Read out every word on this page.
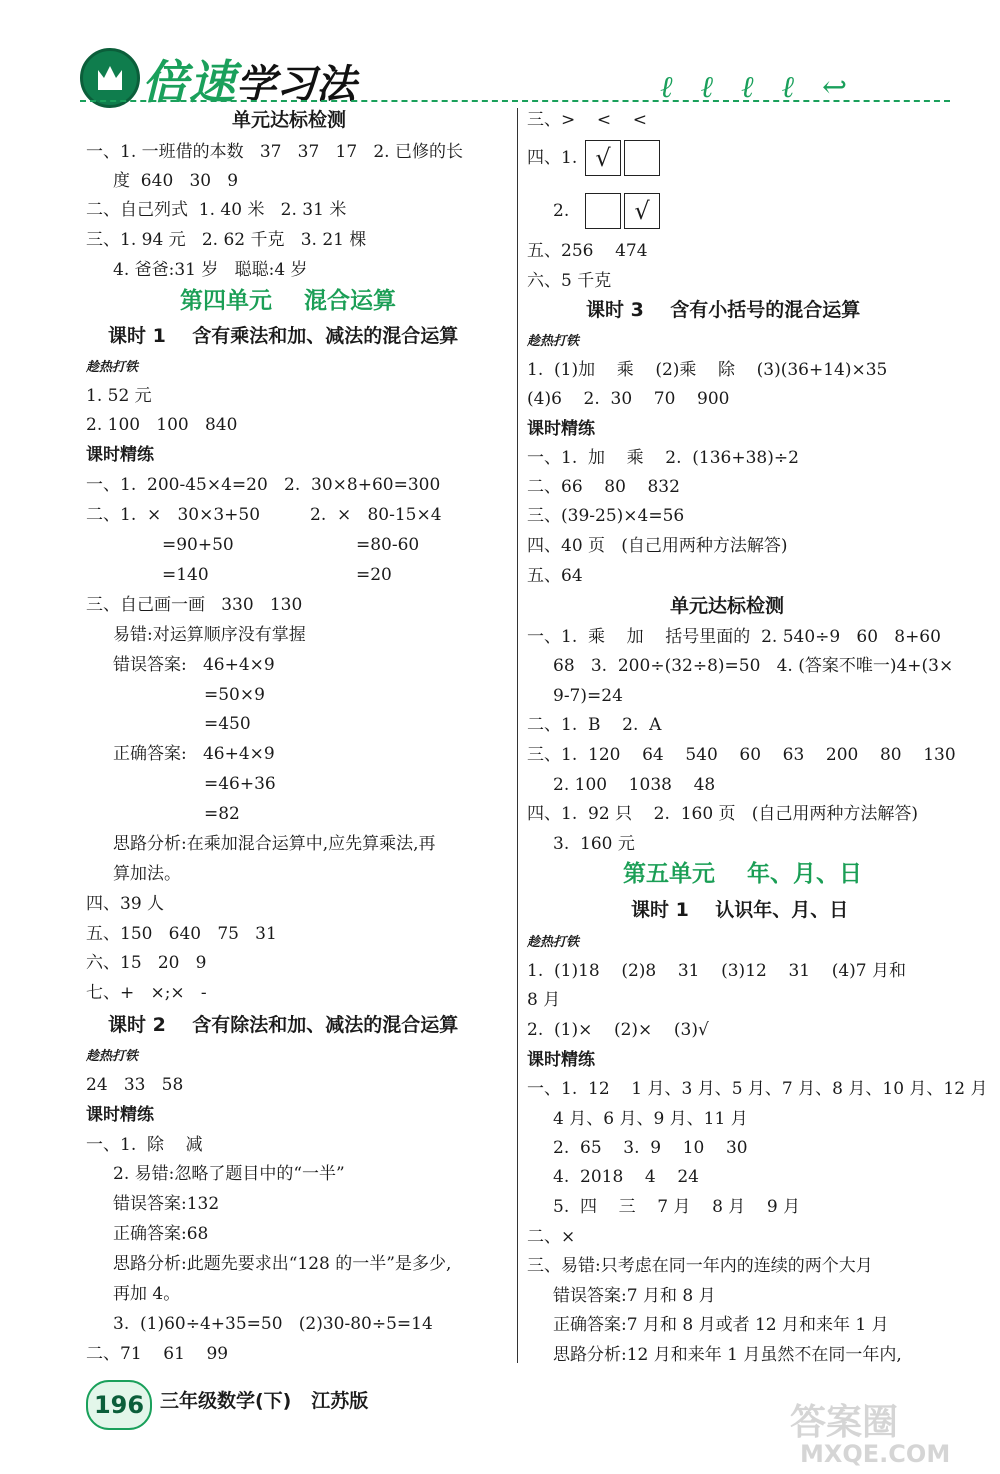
倍速学习法	ℓℓℓℓ↩
单元达标检测
一、1. 一班借的本数   37   37   17   2. 已修的长
度  640   30   9
二、自己列式  1. 40 米   2. 31 米
三、1. 94 元   2. 62 千克   3. 21 棵
4. 爸爸:31 岁   聪聪:4 岁
第四单元    混合运算
课时 1    含有乘法和加、减法的混合运算
趁热打铁
1. 52 元
2. 100   100   840
课时精练
一、1.  200-45×4=20   2.  30×8+60=300
二、1.  ×   30×3+50	2.  ×   80-15×4
=90+50	=80-60
=140	=20
三、自己画一画   330   130
易错:对运算顺序没有掌握
错误答案:   46+4×9
=50×9
=450
正确答案:   46+4×9
=46+36
=82
思路分析:在乘加混合运算中,应先算乘法,再
算加法。
四、39 人
五、150   640   75   31
六、15   20   9
七、+   ×;×   -
课时 2    含有除法和加、减法的混合运算
趁热打铁
24   33   58
课时精练
一、1.  除    减
2. 易错:忽略了题目中的“一半”
错误答案:132
正确答案:68
思路分析:此题先要求出“128 的一半”是多少,
再加 4。
3.  (1)60÷4+35=50   (2)30-80÷5=14
二、71    61    99
三、>    <    <
四、1. √
2.	√
五、256    474
六、5 千克
课时 3    含有小括号的混合运算
趁热打铁
1.  (1)加    乘    (2)乘    除    (3)(36+14)×35
(4)6    2.  30    70    900
课时精练
一、1.  加    乘    2.  (136+38)÷2
二、66    80    832
三、(39-25)×4=56
四、40 页   (自己用两种方法解答)
五、64
单元达标检测
一、1.  乘    加    括号里面的  2. 540÷9   60   8+60
68   3.  200÷(32÷8)=50   4. (答案不唯一)4+(3×
9-7)=24
二、1.  B    2.  A
三、1.  120    64    540    60    63    200    80    130
2. 100    1038    48
四、1.  92 只    2.  160 页   (自己用两种方法解答)
3.  160 元
第五单元    年、月、日
课时 1    认识年、月、日
趁热打铁
1.  (1)18    (2)8    31    (3)12    31    (4)7 月和
8 月
2.  (1)×    (2)×    (3)√
课时精练
一、1.  12    1 月、3 月、5 月、7 月、8 月、10 月、12 月
4 月、6 月、9 月、11 月
2.  65    3.  9    10    30
4.  2018    4    24
5.  四    三    7 月    8 月    9 月
二、×
三、易错:只考虑在同一年内的连续的两个大月
错误答案:7 月和 8 月
正确答案:7 月和 8 月或者 12 月和来年 1 月
思路分析:12 月和来年 1 月虽然不在同一年内,
196 三年级数学(下)   江苏版
答案圈
MXQE.COM
